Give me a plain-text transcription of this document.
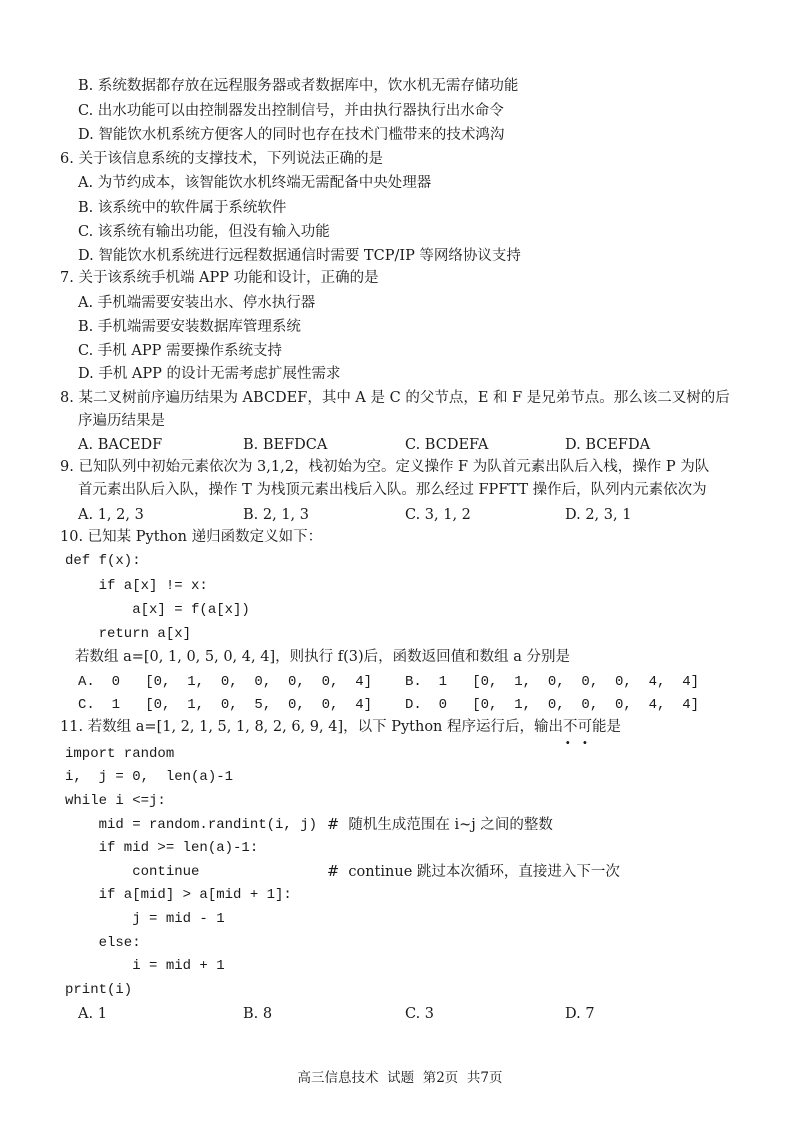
B. 系统数据都存放在远程服务器或者数据库中，饮水机无需存储功能
C. 出水功能可以由控制器发出控制信号，并由执行器执行出水命令
D. 智能饮水机系统方便客人的同时也存在技术门槛带来的技术鸿沟
6. 关于该信息系统的支撑技术，下列说法正确的是
A. 为节约成本，该智能饮水机终端无需配备中央处理器
B. 该系统中的软件属于系统软件
C. 该系统有输出功能，但没有输入功能
D. 智能饮水机系统进行远程数据通信时需要 TCP/IP 等网络协议支持
7. 关于该系统手机端 APP 功能和设计，正确的是
A. 手机端需要安装出水、停水执行器
B. 手机端需要安装数据库管理系统
C. 手机 APP 需要操作系统支持
D. 手机 APP 的设计无需考虑扩展性需求
8. 某二叉树前序遍历结果为 ABCDEF，其中 A 是 C 的父节点，E 和 F 是兄弟节点。那么该二叉树的后
序遍历结果是
A. BACEDF	B. BEFDCA	C. BCDEFA	D. BCEFDA
9. 已知队列中初始元素依次为 3,1,2，栈初始为空。定义操作 F 为队首元素出队后入栈，操作 P 为队
首元素出队后入队，操作 T 为栈顶元素出栈后入队。那么经过 FPFTT 操作后，队列内元素依次为
A. 1, 2, 3	B. 2, 1, 3	C. 3, 1, 2	D. 2, 3, 1
10. 已知某 Python 递归函数定义如下：
def f(x):
if a[x] != x:
a[x] = f(a[x])
return a[x]
若数组 a=[0, 1, 0, 5, 0, 4, 4]，则执行 f(3)后，函数返回值和数组 a 分别是
A.  0   [0,  1,  0,  0,  0,  0,  4] B.  1   [0,  1,  0,  0,  0,  4,  4]
C.  1   [0,  1,  0,  5,  0,  0,  4] D.  0   [0,  1,  0,  0,  0,  4,  4]
11. 若数组 a=[1, 2, 1, 5, 1, 8, 2, 6, 9, 4]，以下 Python 程序运行后，输出不可能 · ·是
import random
i,  j = 0,  len(a)-1
while i <=j:
mid = random.randint(i, j)
if mid >= len(a)-1:
continue
if a[mid] > a[mid + 1]:
j = mid - 1
else:
i = mid + 1
print(i)
#  随机生成范围在 i~j 之间的整数
#  continue 跳过本次循环，直接进入下一次
A. 1	B. 8	C. 3	D. 7
高三信息技术  试题  第2页  共7页
